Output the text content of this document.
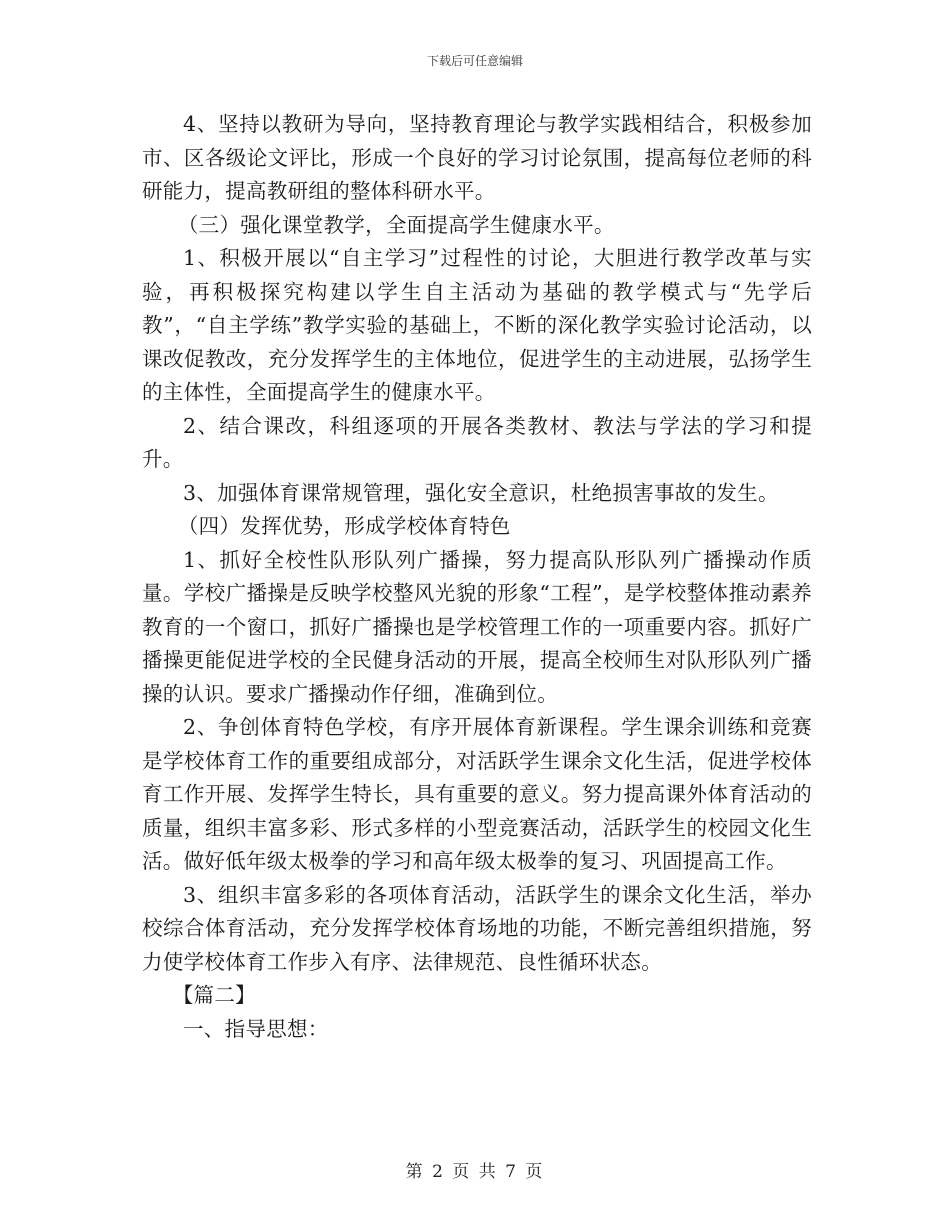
下载后可任意编辑

4、坚持以教研为导向，坚持教育理论与教学实践相结合，积极参加市、区各级论文评比，形成一个良好的学习讨论氛围，提高每位老师的科研能力，提高教研组的整体科研水平。

（三）强化课堂教学，全面提高学生健康水平。

1、积极开展以“自主学习”过程性的讨论，大胆进行教学改革与实验，再积极探究构建以学生自主活动为基础的教学模式与“先学后教”，“自主学练”教学实验的基础上，不断的深化教学实验讨论活动，以课改促教改，充分发挥学生的主体地位，促进学生的主动进展，弘扬学生的主体性，全面提高学生的健康水平。

2、结合课改，科组逐项的开展各类教材、教法与学法的学习和提升。

3、加强体育课常规管理，强化安全意识，杜绝损害事故的发生。

（四）发挥优势，形成学校体育特色

1、抓好全校性队形队列广播操，努力提高队形队列广播操动作质量。学校广播操是反映学校整风光貌的形象“工程”，是学校整体推动素养教育的一个窗口，抓好广播操也是学校管理工作的一项重要内容。抓好广播操更能促进学校的全民健身活动的开展，提高全校师生对队形队列广播操的认识。要求广播操动作仔细，准确到位。

2、争创体育特色学校，有序开展体育新课程。学生课余训练和竞赛是学校体育工作的重要组成部分，对活跃学生课余文化生活，促进学校体育工作开展、发挥学生特长，具有重要的意义。努力提高课外体育活动的质量，组织丰富多彩、形式多样的小型竞赛活动，活跃学生的校园文化生活。做好低年级太极拳的学习和高年级太极拳的复习、巩固提高工作。

3、组织丰富多彩的各项体育活动，活跃学生的课余文化生活，举办校综合体育活动，充分发挥学校体育场地的功能，不断完善组织措施，努力使学校体育工作步入有序、法律规范、良性循环状态。

【篇二】

一、指导思想：

第 2 页 共 7 页
